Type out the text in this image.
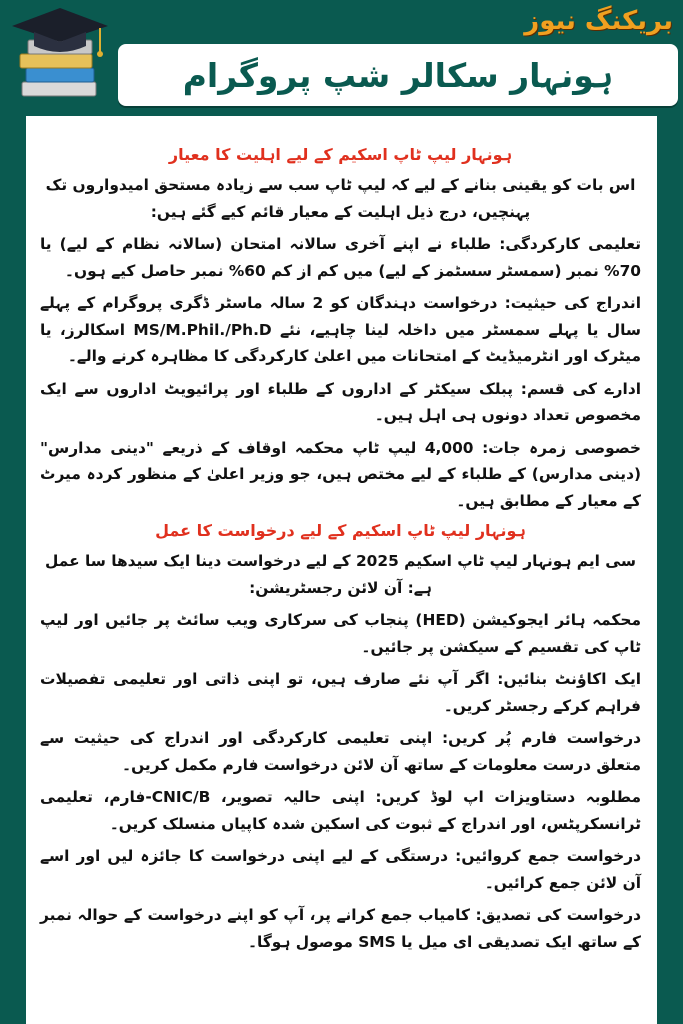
بریکنگ نیوز
ہونہار سکالر شپ پروگرام
ہونہار لیپ ٹاپ اسکیم کے لیے اہلیت کا معیار

اس بات کو یقینی بنانے کے لیے کہ لیپ ٹاپ سب سے زیادہ مستحق امیدواروں تک پہنچیں، درج ذیل اہلیت کے معیار قائم کیے گئے ہیں:

تعلیمی کارکردگی: طلباء نے اپنے آخری سالانہ امتحان (سالانہ نظام کے لیے) یا 70% نمبر (سمسٹر سسٹمز کے لیے) میں کم از کم 60% نمبر حاصل کیے ہوں۔

اندراج کی حیثیت: درخواست دہندگان کو 2 سالہ ماسٹر ڈگری پروگرام کے پہلے سال یا پہلے سمسٹر میں داخلہ لینا چاہیے، نئے MS/M.Phil./Ph.D اسکالرز، یا میٹرک اور انٹرمیڈیٹ کے امتحانات میں اعلیٰ کارکردگی کا مظاہرہ کرنے والے۔

ادارے کی قسم: پبلک سیکٹر کے اداروں کے طلباء اور پرائیویٹ اداروں سے ایک مخصوص تعداد دونوں ہی اہل ہیں۔

خصوصی زمرہ جات: 4,000 لیپ ٹاپ محکمہ اوقاف کے ذریعے "دینی مدارس" (دینی مدارس) کے طلباء کے لیے مختص ہیں، جو وزیر اعلیٰ کے منظور کردہ میرٹ کے معیار کے مطابق ہیں۔

ہونہار لیپ ٹاپ اسکیم کے لیے درخواست کا عمل

سی ایم ہونہار لیپ ٹاپ اسکیم 2025 کے لیے درخواست دینا ایک سیدھا سا عمل ہے: آن لائن رجسٹریشن:

محکمہ ہائر ایجوکیشن (HED) پنجاب کی سرکاری ویب سائٹ پر جائیں اور لیپ ٹاپ کی تقسیم کے سیکشن پر جائیں۔

ایک اکاؤنٹ بنائیں: اگر آپ نئے صارف ہیں، تو اپنی ذاتی اور تعلیمی تفصیلات فراہم کرکے رجسٹر کریں۔

درخواست فارم پُر کریں: اپنی تعلیمی کارکردگی اور اندراج کی حیثیت سے متعلق درست معلومات کے ساتھ آن لائن درخواست فارم مکمل کریں۔

مطلوبہ دستاویزات اپ لوڈ کریں: اپنی حالیہ تصویر، CNIC/B-فارم، تعلیمی ٹرانسکرپٹس، اور اندراج کے ثبوت کی اسکین شدہ کاپیاں منسلک کریں۔

درخواست جمع کروائیں: درستگی کے لیے اپنی درخواست کا جائزہ لیں اور اسے آن لائن جمع کرائیں۔

درخواست کی تصدیق: کامیاب جمع کرانے پر، آپ کو اپنے درخواست کے حوالہ نمبر کے ساتھ ایک تصدیقی ای میل یا SMS موصول ہوگا۔
